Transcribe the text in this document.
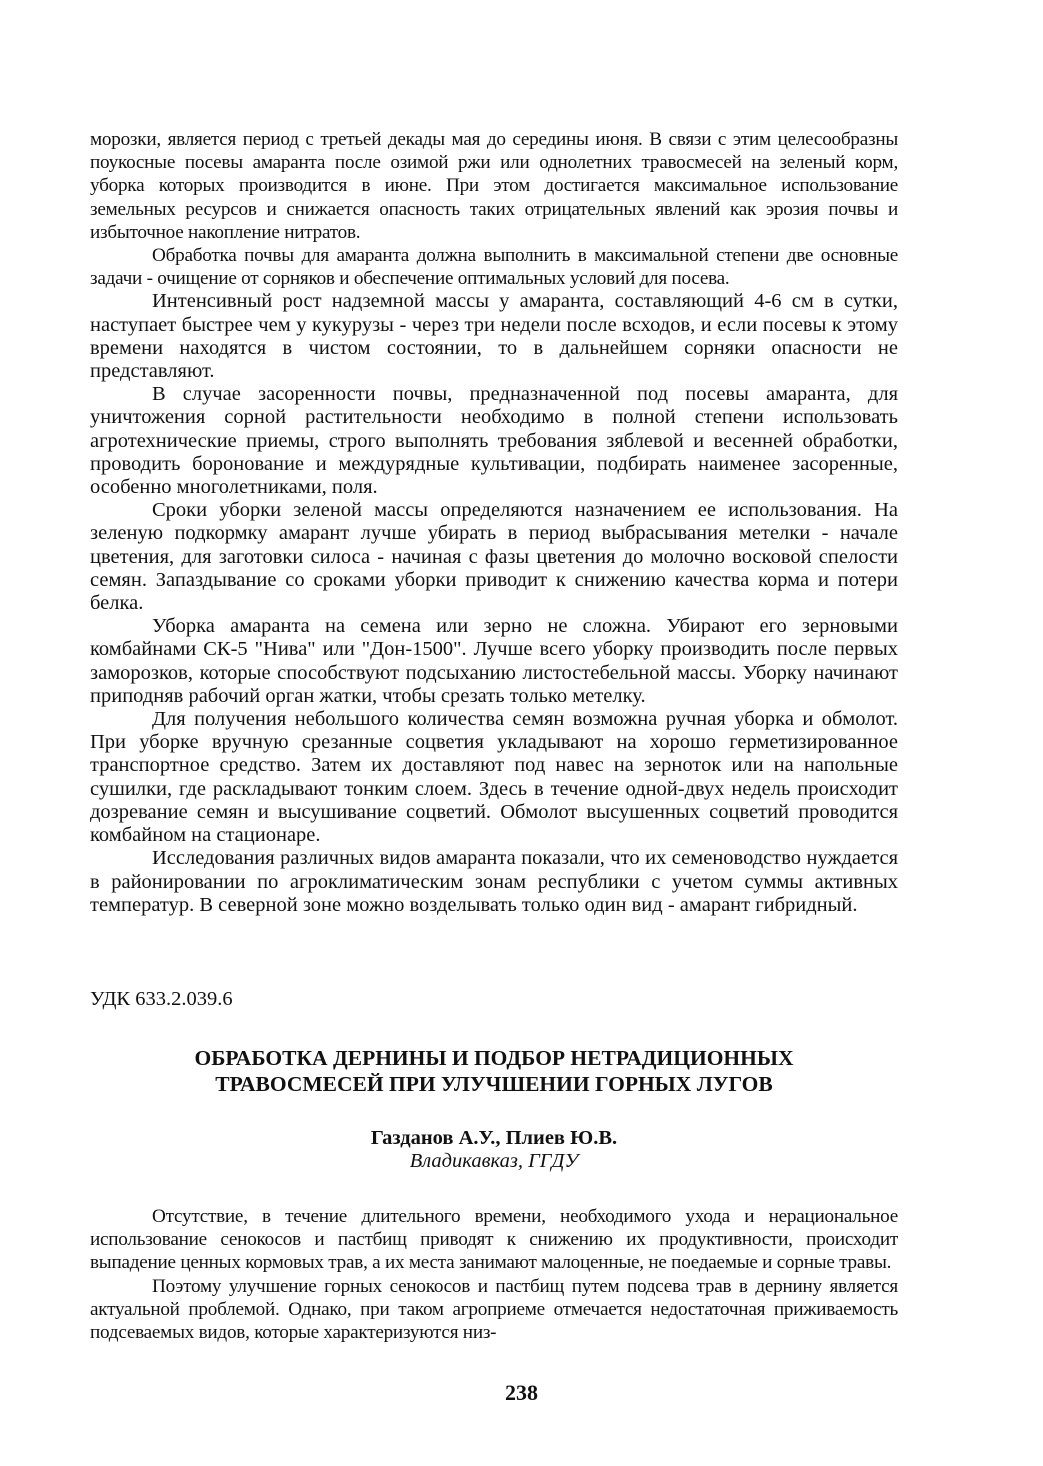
морозки, является период с третьей декады мая до середины июня. В связи с этим целесообразны поукосные посевы амаранта после озимой ржи или однолетних травосмесей на зеленый корм, уборка которых производится в июне. При этом достигается максимальное использование земельных ресурсов и снижается опасность таких отрицательных явлений как эрозия почвы и избыточное накопление нитратов.

Обработка почвы для амаранта должна выполнить в максимальной степени две основные задачи - очищение от сорняков и обеспечение оптимальных условий для посева.

Интенсивный рост надземной массы у амаранта, составляющий 4-6 см в сутки, наступает быстрее чем у кукурузы - через три недели после всходов, и если посевы к этому времени находятся в чистом состоянии, то в дальнейшем сорняки опасности не представляют.

В случае засоренности почвы, предназначенной под посевы амаранта, для уничтожения сорной растительности необходимо в полной степени использовать агротехнические приемы, строго выполнять требования зяблевой и весенней обработки, проводить боронование и междурядные культивации, подбирать наименее засоренные, особенно многолетниками, поля.

Сроки уборки зеленой массы определяются назначением ее использования. На зеленую подкормку амарант лучше убирать в период выбрасывания метелки - начале цветения, для заготовки силоса - начиная с фазы цветения до молочно восковой спелости семян. Запаздывание со сроками уборки приводит к снижению качества корма и потери белка.

Уборка амаранта на семена или зерно не сложна. Убирают его зерновыми комбайнами СК-5 "Нива" или "Дон-1500". Лучше всего уборку производить после первых заморозков, которые способствуют подсыханию листостебельной массы. Уборку начинают приподняв рабочий орган жатки, чтобы срезать только метелку.

Для получения небольшого количества семян возможна ручная уборка и обмолот. При уборке вручную срезанные соцветия укладывают на хорошо герметизированное транспортное средство. Затем их доставляют под навес на зерноток или на напольные сушилки, где раскладывают тонким слоем. Здесь в течение одной-двух недель происходит дозревание семян и высушивание соцветий. Обмолот высушенных соцветий проводится комбайном на стационаре.

Исследования различных видов амаранта показали, что их семеноводство нуждается в районировании по агроклиматическим зонам республики с учетом суммы активных температур. В северной зоне можно возделывать только один вид - амарант гибридный.

УДК 633.2.039.6

ОБРАБОТКА ДЕРНИНЫ И ПОДБОР НЕТРАДИЦИОННЫХ
ТРАВОСМЕСЕЙ ПРИ УЛУЧШЕНИИ ГОРНЫХ ЛУГОВ

Газданов А.У., Плиев Ю.В.

Владикавказ, ГГДУ

Отсутствие, в течение длительного времени, необходимого ухода и нерациональное использование сенокосов и пастбищ приводят к снижению их продуктивности, происходит выпадение ценных кормовых трав, а их места занимают малоценные, не поедаемые и сорные травы.

Поэтому улучшение горных сенокосов и пастбищ путем подсева трав в дернину является актуальной проблемой. Однако, при таком агроприеме отмечается недостаточная приживаемость подсеваемых видов, которые характеризуются низ-

238
